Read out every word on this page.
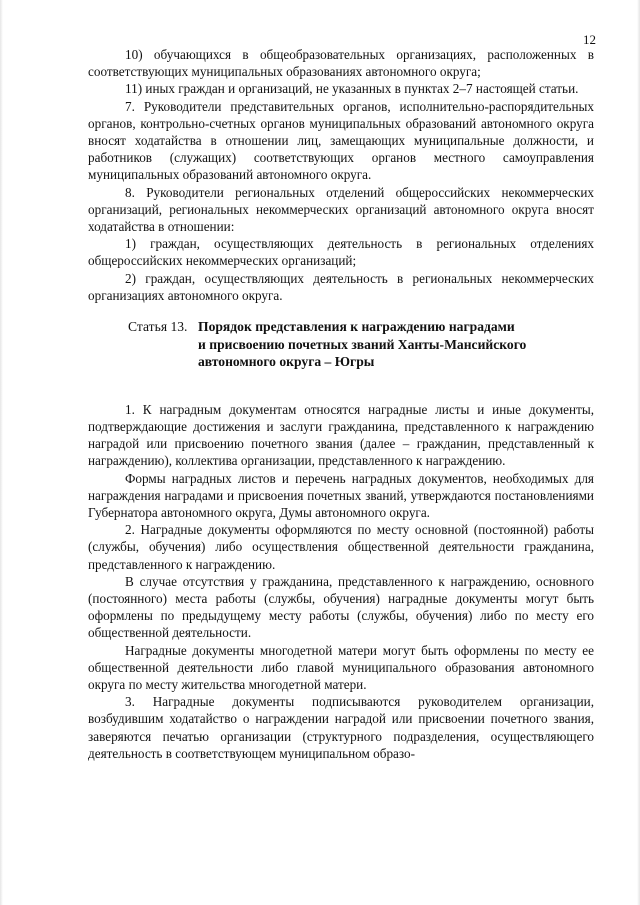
12

10) обучающихся в общеобразовательных организациях, расположенных в соответствующих муниципальных образованиях автономного округа;

11) иных граждан и организаций, не указанных в пунктах 2–7 настоящей статьи.

7. Руководители представительных органов, исполнительно-распорядительных органов, контрольно-счетных органов муниципальных образований автономного округа вносят ходатайства в отношении лиц, замещающих муниципальные должности, и работников (служащих) соответствующих органов местного самоуправления муниципальных образований автономного округа.

8. Руководители региональных отделений общероссийских некоммерческих организаций, региональных некоммерческих организаций автономного округа вносят ходатайства в отношении:

1) граждан, осуществляющих деятельность в региональных отделениях общероссийских некоммерческих организаций;

2) граждан, осуществляющих деятельность в региональных некоммерческих организациях автономного округа.

Статья 13. Порядок представления к награждению наградами
и присвоению почетных званий Ханты-Мансийского
автономного округа – Югры

1. К наградным документам относятся наградные листы и иные документы, подтверждающие достижения и заслуги гражданина, представленного к награждению наградой или присвоению почетного звания (далее – гражданин, представленный к награждению), коллектива организации, представленного к награждению.

Формы наградных листов и перечень наградных документов, необходимых для награждения наградами и присвоения почетных званий, утверждаются постановлениями Губернатора автономного округа, Думы автономного округа.

2. Наградные документы оформляются по месту основной (постоянной) работы (службы, обучения) либо осуществления общественной деятельности гражданина, представленного к награждению.

В случае отсутствия у гражданина, представленного к награждению, основного (постоянного) места работы (службы, обучения) наградные документы могут быть оформлены по предыдущему месту работы (службы, обучения) либо по месту его общественной деятельности.

Наградные документы многодетной матери могут быть оформлены по месту ее общественной деятельности либо главой муниципального образования автономного округа по месту жительства многодетной матери.

3. Наградные документы подписываются руководителем организации, возбудившим ходатайство о награждении наградой или присвоении почетного звания, заверяются печатью организации (структурного подразделения, осуществляющего деятельность в соответствующем муниципальном образо-
